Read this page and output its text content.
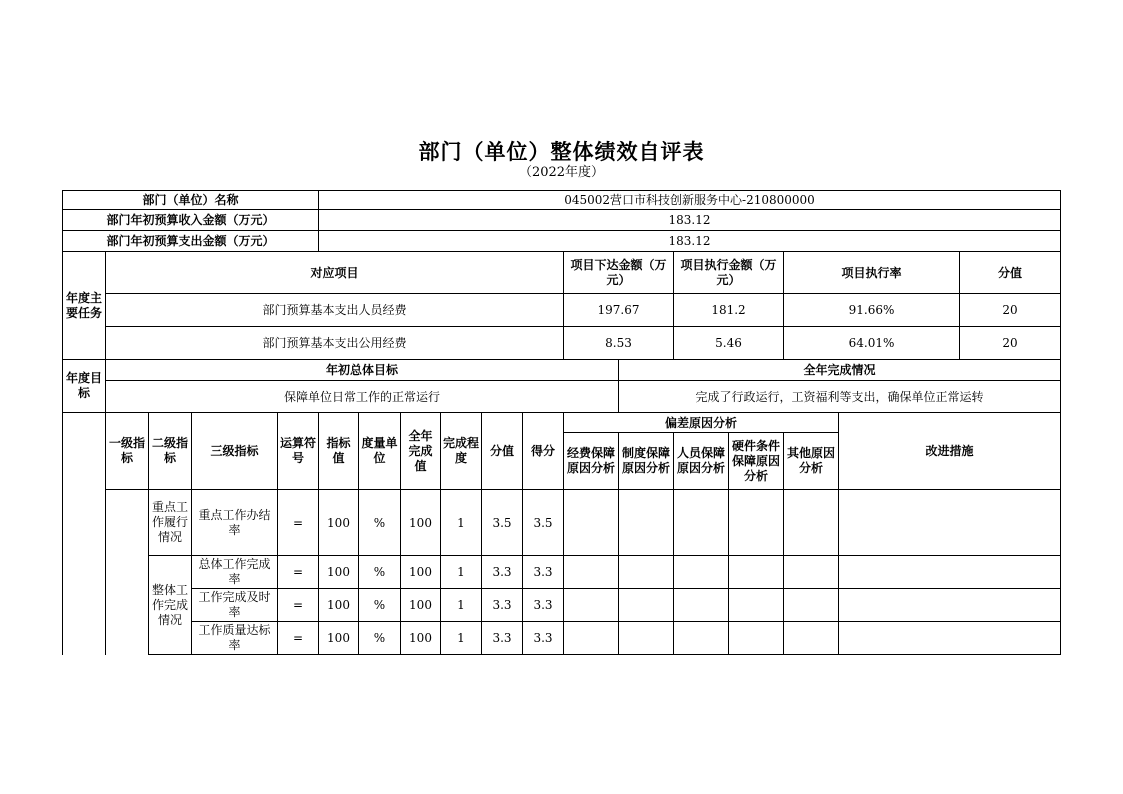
部门（单位）整体绩效自评表
（2022年度）
部门（单位）名称					045002营口市科技创新服务中心-210800000													
部门年初预算收入金额（万元）					183.12													
部门年初预算支出金额（万元）					183.12													
年度主要任务	对应项目										项目下达金额（万元）		项目执行金额（万元）		项目执行率		分值	
	部门预算基本支出人员经费										197.67		181.2		91.66%		20	
	部门预算基本支出公用经费										8.53		5.46		64.01%		20	
年度目标	年初总体目标											全年完成情况						
	保障单位日常工作的正常运行											完成了行政运行，工资福利等支出，确保单位正常运转						
	一级指标	二级指标	三级指标	运算符号	指标值	度量单位	全年完成值	完成程度	分值	得分	偏差原因分析					改进措施		
											经费保障原因分析	制度保障原因分析	人员保障原因分析	硬件条件保障原因分析	其他原因分析			
		重点工作履行情况	重点工作办结率	=	100	%	100	1	3.5	3.5								
		整体工作完成情况	总体工作完成率	=	100	%	100	1	3.3	3.3								
			工作完成及时率	=	100	%	100	1	3.3	3.3								
			工作质量达标率	=	100	%	100	1	3.3	3.3								
